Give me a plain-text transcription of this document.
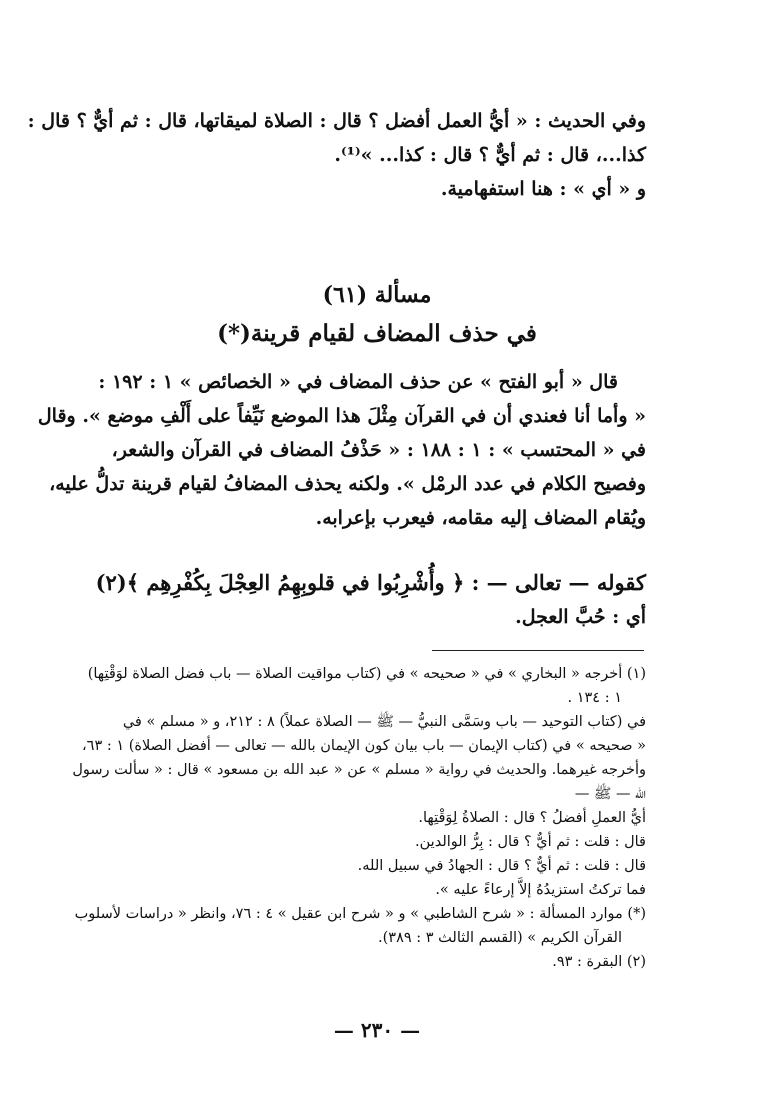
وفي الحديث : « أيُّ العمل أفضل ؟ قال : الصلاة لميقاتها، قال : ثم أيٌّ ؟ قال :
كذا...، قال : ثم أيٌّ ؟ قال : كذا... »⁽¹⁾.
و « أي » : هنا استفهامية.
مسألة (٦١)
في حذف المضاف لقيام قرينة(*)
قال « أبو الفتح » عن حذف المضاف في « الخصائص » ١ : ١٩٢ :
« وأما أنا فعندي أن في القرآن مِثْلَ هذا الموضع نَيِّفاً على أَلْفِ موضع ». وقال
في « المحتسب » : ١ : ١٨٨ : « حَذْفُ المضاف في القرآن والشعر،
وفصيح الكلام في عدد الرمْل ». ولكنه يحذف المضافُ لقيام قرينة تدلُّ عليه،
ويُقام المضاف إليه مقامه، فيعرب بإعرابه.
كقوله — تعالى — : ﴿ وأُشْرِبُوا في قلوبِهِمُ العِجْلَ بِكُفْرِهِم ﴾(٢)
أي : حُبَّ العجل.
(١) أخرجه « البخاري » في « صحيحه » في (كتاب مواقيت الصلاة — باب فضل الصلاة لوَقْتِها)
١ : ١٣٤ .
في (كتاب التوحيد — باب وسَمَّى النبيُّ — ﷺ — الصلاة عملاً) ٨ : ٢١٢، و « مسلم » في
« صحيحه » في (كتاب الإيمان — باب بيان كون الإيمان بالله — تعالى — أفضل الصلاة) ١ : ٦٣،
وأخرجه غيرهما. والحديث في رواية « مسلم » عن « عبد الله بن مسعود » قال : « سألت رسول
الله — ﷺ —
أيُّ العملِ أفضلُ ؟ قال : الصلاةُ لِوَقْتِها.
قال : قلت : ثم أيٌّ ؟ قال : بِرُّ الوالدين.
قال : قلت : ثم أيٌّ ؟ قال : الجهادُ في سبيل الله.
فما تركتُ استزيدُهُ إلاَّ إرعاءً عليه ».
(*) موارد المسألة : « شرح الشاطبي » و « شرح ابن عقيل » ٤ : ٧٦، وانظر « دراسات لأسلوب
القرآن الكريم » (القسم الثالث ٣ : ٣٨٩).
(٢) البقرة : ٩٣.
— ٢٣٠ —
